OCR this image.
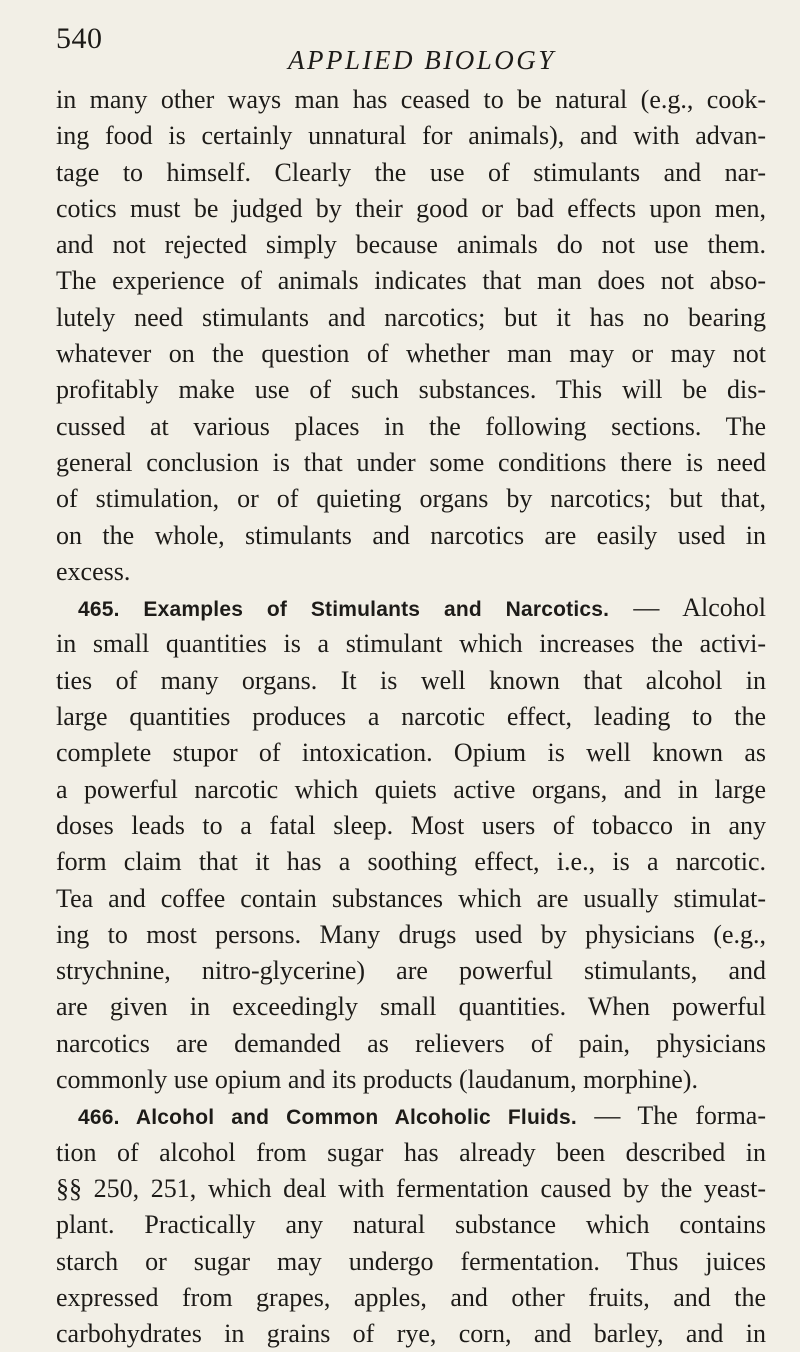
540
APPLIED BIOLOGY
in many other ways man has ceased to be natural (e.g., cook-
ing food is certainly unnatural for animals), and with advan-
tage to himself. Clearly the use of stimulants and nar-
cotics must be judged by their good or bad effects upon men,
and not rejected simply because animals do not use them.
The experience of animals indicates that man does not abso-
lutely need stimulants and narcotics; but it has no bearing
whatever on the question of whether man may or may not
profitably make use of such substances. This will be dis-
cussed at various places in the following sections. The
general conclusion is that under some conditions there is need
of stimulation, or of quieting organs by narcotics; but that,
on the whole, stimulants and narcotics are easily used in
excess.
465. Examples of Stimulants and Narcotics. — Alcohol
in small quantities is a stimulant which increases the activi-
ties of many organs. It is well known that alcohol in
large quantities produces a narcotic effect, leading to the
complete stupor of intoxication. Opium is well known as
a powerful narcotic which quiets active organs, and in large
doses leads to a fatal sleep. Most users of tobacco in any
form claim that it has a soothing effect, i.e., is a narcotic.
Tea and coffee contain substances which are usually stimulat-
ing to most persons. Many drugs used by physicians (e.g.,
strychnine, nitro-glycerine) are powerful stimulants, and
are given in exceedingly small quantities. When powerful
narcotics are demanded as relievers of pain, physicians
commonly use opium and its products (laudanum, morphine).
466. Alcohol and Common Alcoholic Fluids. — The forma-
tion of alcohol from sugar has already been described in
§§ 250, 251, which deal with fermentation caused by the yeast-
plant. Practically any natural substance which contains
starch or sugar may undergo fermentation. Thus juices
expressed from grapes, apples, and other fruits, and the
carbohydrates in grains of rye, corn, and barley, and in
